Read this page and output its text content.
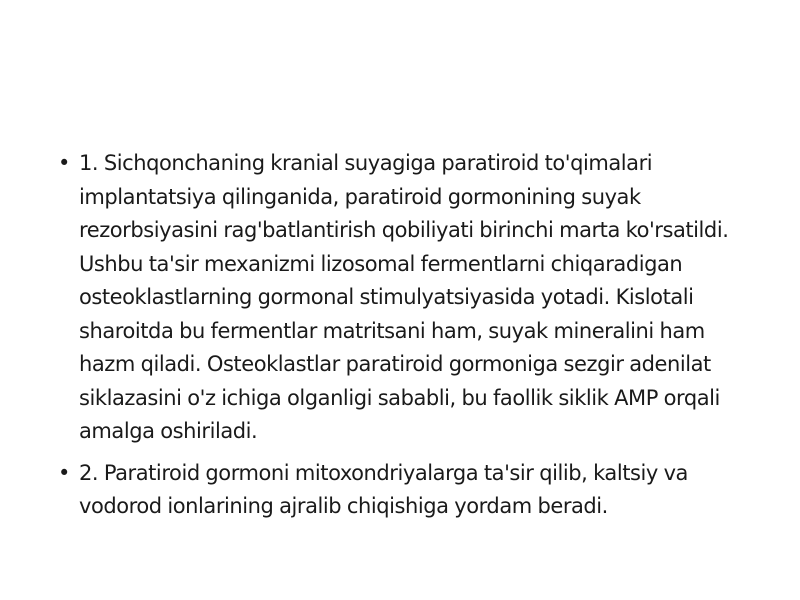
• 1. Sichqonchaning kranial suyagiga paratiroid to'qimalari implantatsiya qilinganida, paratiroid gormonining suyak rezorbsiyasini rag'batlantirish qobiliyati birinchi marta ko'rsatildi. Ushbu ta'sir mexanizmi lizosomal fermentlarni chiqaradigan osteoklastlarning gormonal stimulyatsiyasida yotadi. Kislotali sharoitda bu fermentlar matritsani ham, suyak mineralini ham hazm qiladi. Osteoklastlar paratiroid gormoniga sezgir adenilat siklazasini o'z ichiga olganligi sababli, bu faollik siklik AMP orqali amalga oshiriladi.
• 2. Paratiroid gormoni mitoxondriyalarga ta'sir qilib, kaltsiy va vodorod ionlarining ajralib chiqishiga yordam beradi.
